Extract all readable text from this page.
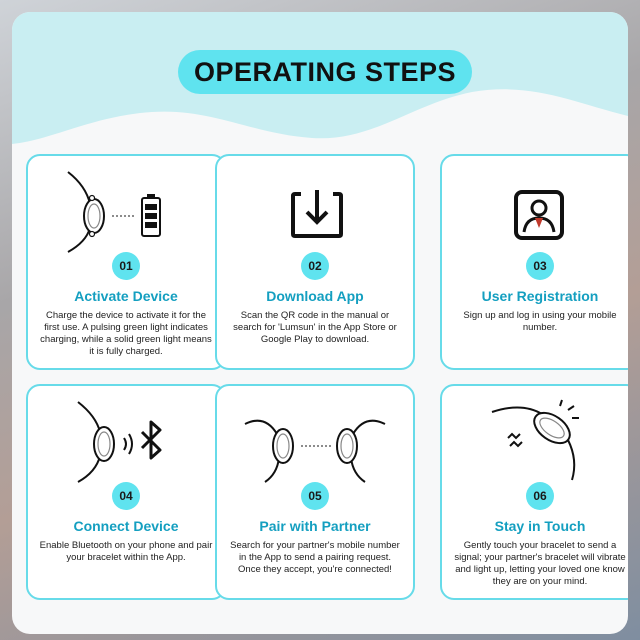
OPERATING STEPS
01
Activate Device
Charge the device to activate it for the first use. A pulsing green light indicates charging, while a solid green light means it is fully charged.
02
Download App
Scan the QR code in the manual or search for 'Lumsun' in the App Store or Google Play to download.
03
User Registration
Sign up and log in using your mobile number.
04
Connect Device
Enable Bluetooth on your phone and pair your bracelet within the App.
05
Pair with Partner
Search for your partner's mobile number in the App to send a pairing request. Once they accept, you're connected!
06
Stay in Touch
Gently touch your bracelet to send a signal; your partner's bracelet will vibrate and light up, letting your loved one know they are on your mind.
